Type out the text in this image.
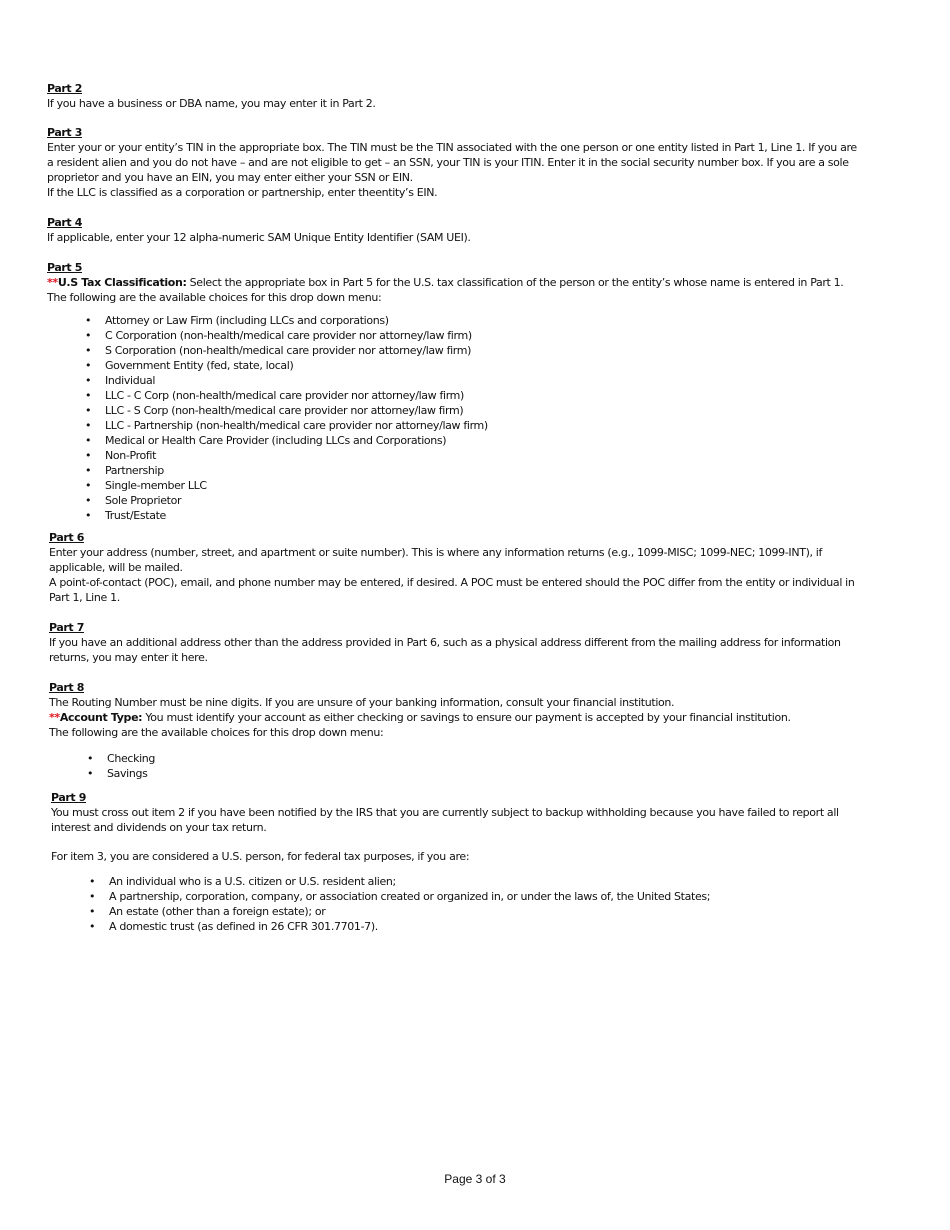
Part 2

If you have a business or DBA name, you may enter it in Part 2.

Part 3

Enter your or your entity’s TIN in the appropriate box. The TIN must be the TIN associated with the one person or one entity listed in Part 1, Line 1. If you are a resident alien and you do not have – and are not eligible to get – an SSN, your TIN is your ITIN. Enter it in the social security number box. If you are a sole proprietor and you have an EIN, you may enter either your SSN or EIN.

If the LLC is classified as a corporation or partnership, enter theentity’s EIN.

Part 4

If applicable, enter your 12 alpha-numeric SAM Unique Entity Identifier (SAM UEI).

Part 5

**U.S Tax Classification: Select the appropriate box in Part 5 for the U.S. tax classification of the person or the entity’s whose name is entered in Part 1.

The following are the available choices for this drop down menu:

• Attorney or Law Firm (including LLCs and corporations)
• C Corporation (non-health/medical care provider nor attorney/law firm)
• S Corporation (non-health/medical care provider nor attorney/law firm)
• Government Entity (fed, state, local)
• Individual
• LLC - C Corp (non-health/medical care provider nor attorney/law firm)
• LLC - S Corp (non-health/medical care provider nor attorney/law firm)
• LLC - Partnership (non-health/medical care provider nor attorney/law firm)
• Medical or Health Care Provider (including LLCs and Corporations)
• Non-Profit
• Partnership
• Single-member LLC
• Sole Proprietor
• Trust/Estate
Part 6

Enter your address (number, street, and apartment or suite number). This is where any information returns (e.g., 1099-MISC; 1099-NEC; 1099-INT), if applicable, will be mailed.

A point-of-contact (POC), email, and phone number may be entered, if desired. A POC must be entered should the POC differ from the entity or individual in Part 1, Line 1.

Part 7

If you have an additional address other than the address provided in Part 6, such as a physical address different from the mailing address for information returns, you may enter it here.

Part 8

The Routing Number must be nine digits. If you are unsure of your banking information, consult your financial institution.

**Account Type: You must identify your account as either checking or savings to ensure our payment is accepted by your financial institution.

The following are the available choices for this drop down menu:

• Checking
• Savings
Part 9

You must cross out item 2 if you have been notified by the IRS that you are currently subject to backup withholding because you have failed to report all interest and dividends on your tax return.

For item 3, you are considered a U.S. person, for federal tax purposes, if you are:

• An individual who is a U.S. citizen or U.S. resident alien;
• A partnership, corporation, company, or association created or organized in, or under the laws of, the United States;
• An estate (other than a foreign estate); or
• A domestic trust (as defined in 26 CFR 301.7701-7).
Page 3 of 3
